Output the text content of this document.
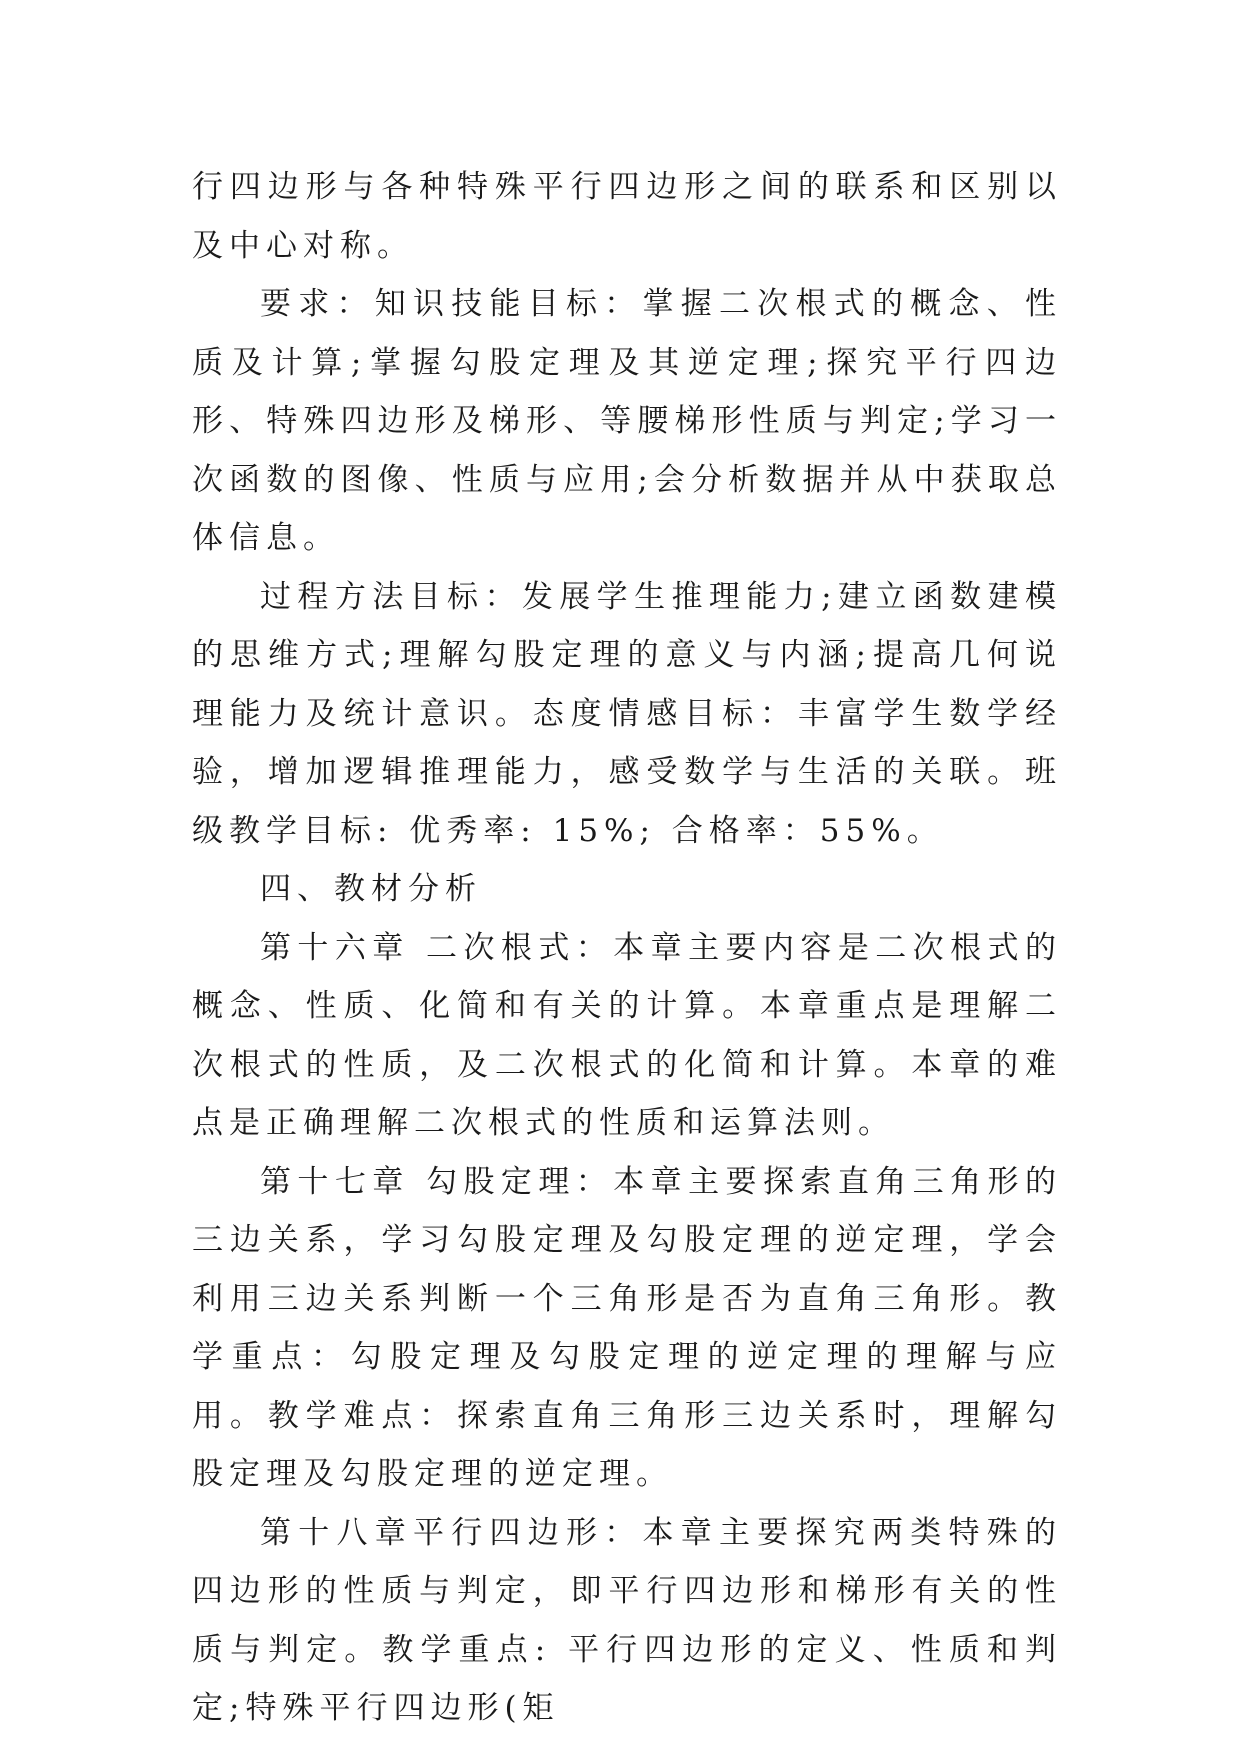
行四边形与各种特殊平行四边形之间的联系和区别以及中心对称。

要求：知识技能目标：掌握二次根式的概念、性质及计算;掌握勾股定理及其逆定理;探究平行四边形、特殊四边形及梯形、等腰梯形性质与判定;学习一次函数的图像、性质与应用;会分析数据并从中获取总体信息。

过程方法目标：发展学生推理能力;建立函数建模的思维方式;理解勾股定理的意义与内涵;提高几何说理能力及统计意识。态度情感目标：丰富学生数学经验，增加逻辑推理能力，感受数学与生活的关联。班级教学目标: 优秀率: 15%; 合格率：55%。

四、教材分析

第十六章 二次根式：本章主要内容是二次根式的概念、性质、化简和有关的计算。本章重点是理解二次根式的性质，及二次根式的化简和计算。本章的难点是正确理解二次根式的性质和运算法则。

第十七章 勾股定理：本章主要探索直角三角形的三边关系，学习勾股定理及勾股定理的逆定理，学会利用三边关系判断一个三角形是否为直角三角形。教学重点：勾股定理及勾股定理的逆定理的理解与应用。教学难点：探索直角三角形三边关系时，理解勾股定理及勾股定理的逆定理。

第十八章平行四边形：本章主要探究两类特殊的四边形的性质与判定，即平行四边形和梯形有关的性质与判定。教学重点: 平行四边形的定义、性质和判定;特殊平行四边形(矩
